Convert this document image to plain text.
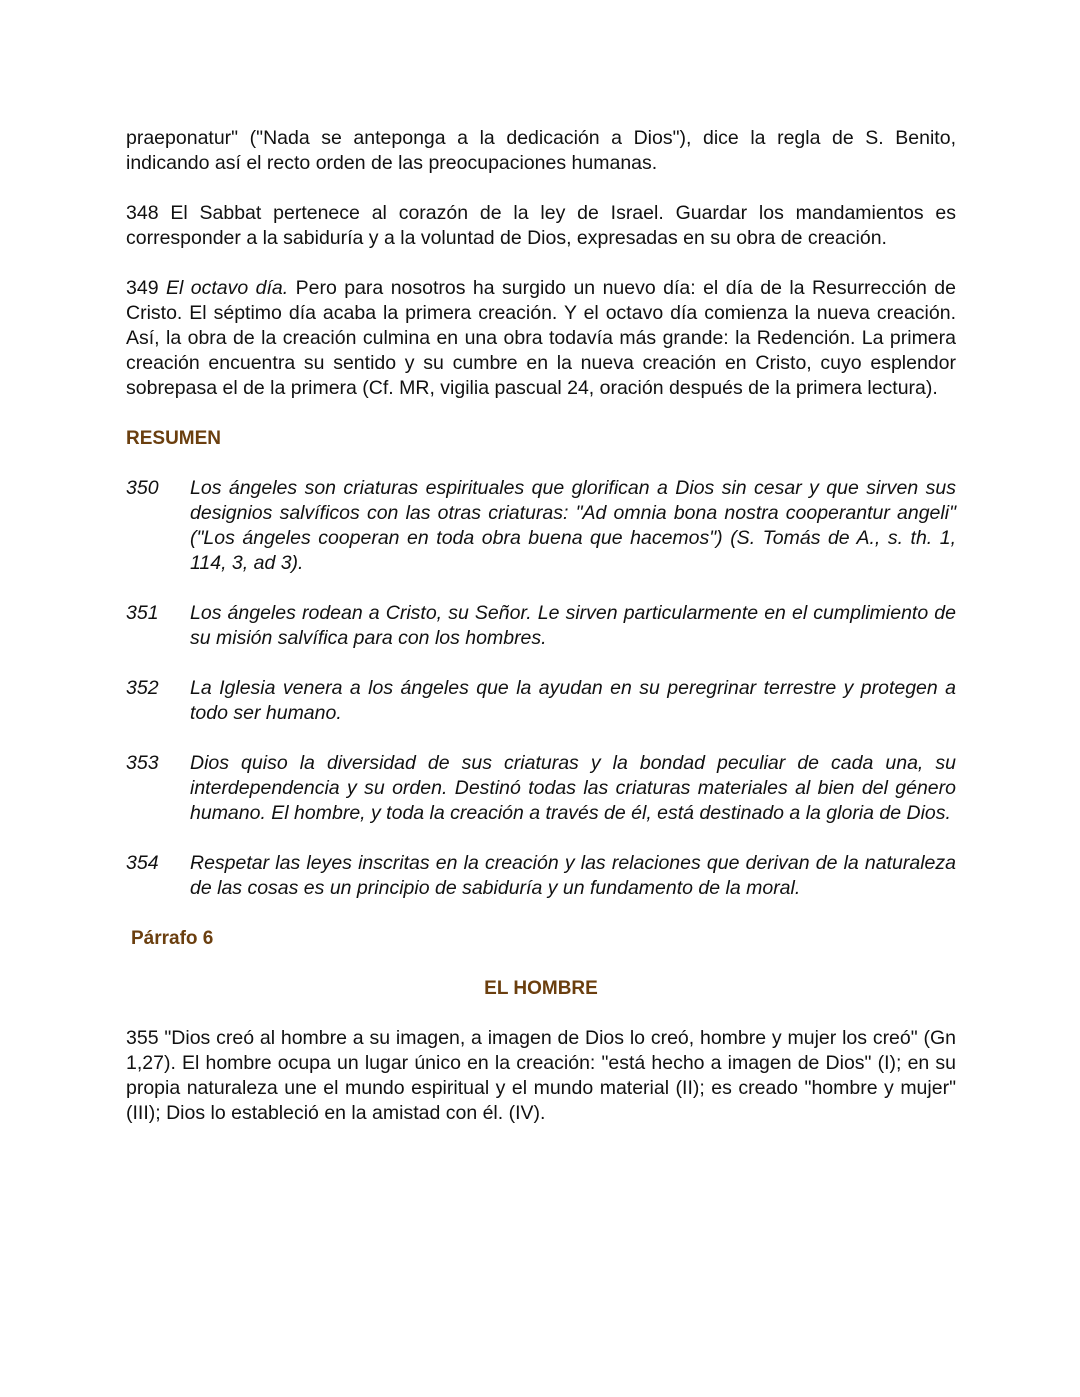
praeponatur" ("Nada se anteponga a la dedicación a Dios"), dice la regla de S. Benito, indicando así el recto orden de las preocupaciones humanas.

348 El Sabbat pertenece al corazón de la ley de Israel. Guardar los mandamientos es corresponder a la sabiduría y a la voluntad de Dios, expresadas en su obra de creación.

349 El octavo día. Pero para nosotros ha surgido un nuevo día: el día de la Resurrección de Cristo. El séptimo día acaba la primera creación. Y el octavo día comienza la nueva creación. Así, la obra de la creación culmina en una obra todavía más grande: la Redención. La primera creación encuentra su sentido y su cumbre en la nueva creación en Cristo, cuyo esplendor sobrepasa el de la primera (Cf. MR, vigilia pascual 24, oración después de la primera lectura).

RESUMEN
350	Los ángeles son criaturas espirituales que glorifican a Dios sin cesar y que sirven sus designios salvíficos con las otras criaturas: "Ad omnia bona nostra cooperantur angeli" ("Los ángeles cooperan en toda obra buena que hacemos") (S. Tomás de A., s. th. 1, 114, 3, ad 3).
351	Los ángeles rodean a Cristo, su Señor. Le sirven particularmente en el cumplimiento de su misión salvífica para con los hombres.
352	La Iglesia venera a los ángeles que la ayudan en su peregrinar terrestre y protegen a todo ser humano.
353	Dios quiso la diversidad de sus criaturas y la bondad peculiar de cada una, su interdependencia y su orden. Destinó todas las criaturas materiales al bien del género humano. El hombre, y toda la creación a través de él, está destinado a la gloria de Dios.
354	Respetar las leyes inscritas en la creación y las relaciones que derivan de la naturaleza de las cosas es un principio de sabiduría y un fundamento de la moral.
Párrafo 6
EL HOMBRE

355 "Dios creó al hombre a su imagen, a imagen de Dios lo creó, hombre y mujer los creó" (Gn 1,27). El hombre ocupa un lugar único en la creación: "está hecho a imagen de Dios" (I); en su propia naturaleza une el mundo espiritual y el mundo material (II); es creado "hombre y mujer" (III); Dios lo estableció en la amistad con él. (IV).
